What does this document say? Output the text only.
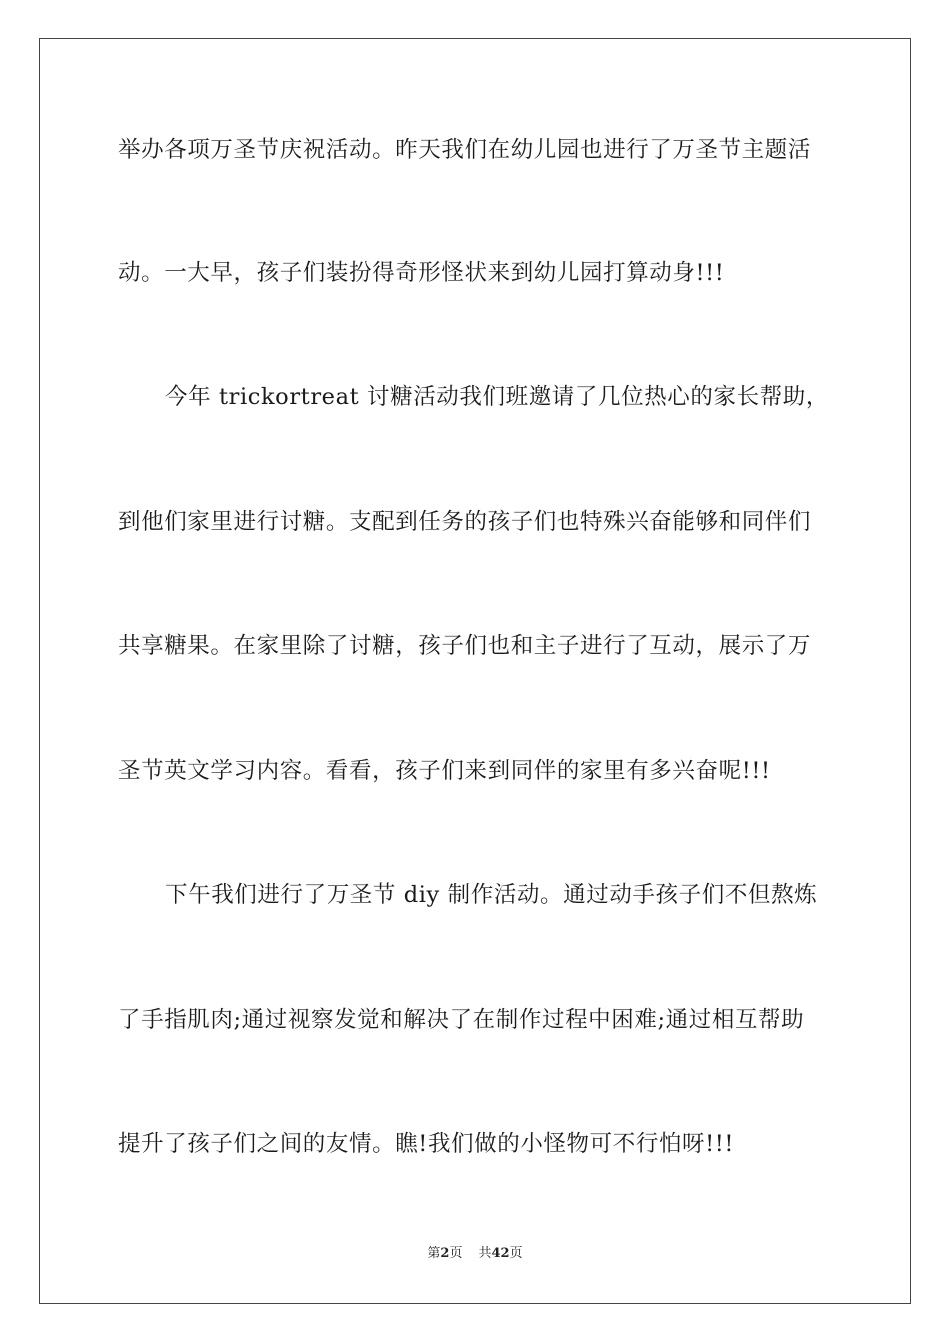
举办各项万圣节庆祝活动。昨天我们在幼儿园也进行了万圣节主题活
动。一大早，孩子们装扮得奇形怪状来到幼儿园打算动身!!!
今年 trickortreat 讨糖活动我们班邀请了几位热心的家长帮助，
到他们家里进行讨糖。支配到任务的孩子们也特殊兴奋能够和同伴们
共享糖果。在家里除了讨糖，孩子们也和主子进行了互动，展示了万
圣节英文学习内容。看看，孩子们来到同伴的家里有多兴奋呢!!!
下午我们进行了万圣节 diy 制作活动。通过动手孩子们不但熬炼
了手指肌肉;通过视察发觉和解决了在制作过程中困难;通过相互帮助
提升了孩子们之间的友情。瞧!我们做的小怪物可不行怕呀!!!
第2页 共42页
